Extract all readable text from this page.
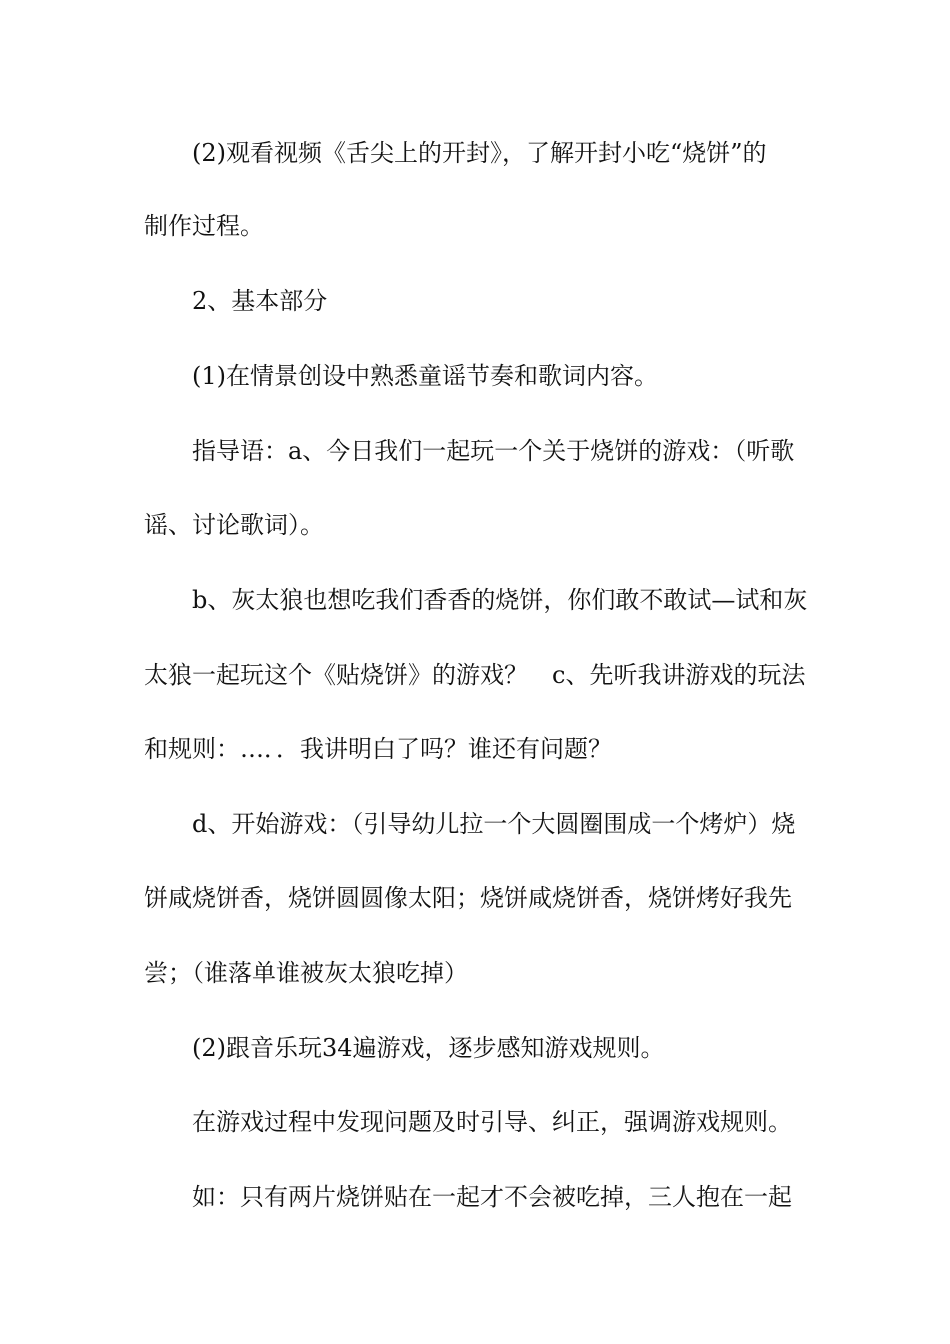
(2)观看视频《舌尖上的开封》，了解开封小吃“烧饼”的
制作过程。
2、基本部分
(1)在情景创设中熟悉童谣节奏和歌词内容。
指导语：a、今日我们一起玩一个关于烧饼的游戏：（听歌
谣、讨论歌词）。
b、灰太狼也想吃我们香香的烧饼，你们敢不敢试—试和灰
太狼一起玩这个《贴烧饼》的游戏？　c、先听我讲游戏的玩法
和规则：…．．我讲明白了吗？谁还有问题？
d、开始游戏：（引导幼儿拉一个大圆圈围成一个烤炉）烧
饼咸烧饼香，烧饼圆圆像太阳；烧饼咸烧饼香，烧饼烤好我先
尝；（谁落单谁被灰太狼吃掉）
(2)跟音乐玩34遍游戏，逐步感知游戏规则。
在游戏过程中发现问题及时引导、纠正，强调游戏规则。
如：只有两片烧饼贴在一起才不会被吃掉，三人抱在一起
